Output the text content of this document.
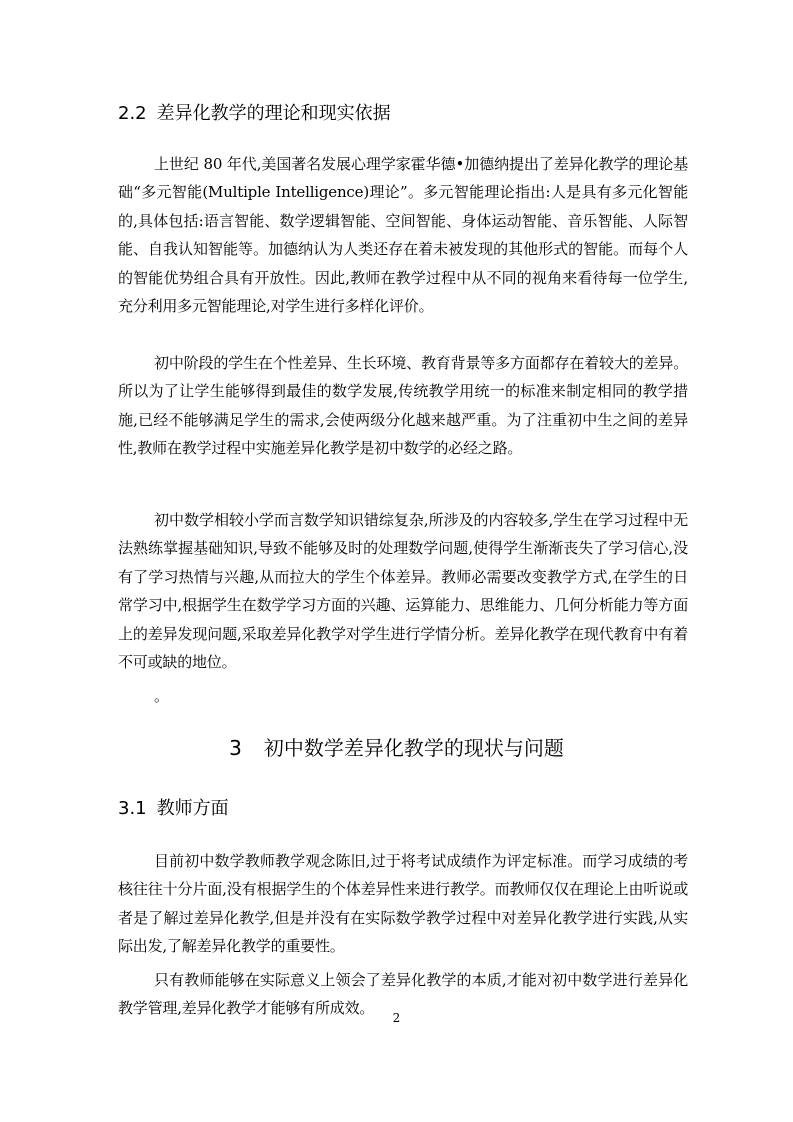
2.2 差异化教学的理论和现实依据

上世纪 80 年代,美国著名发展心理学家霍华德•加德纳提出了差异化教学的理论基础“多元智能(Multiple Intelligence)理论”。多元智能理论指出:人是具有多元化智能的,具体包括:语言智能、数学逻辑智能、空间智能、身体运动智能、音乐智能、人际智能、自我认知智能等。加德纳认为人类还存在着未被发现的其他形式的智能。而每个人的智能优势组合具有开放性。因此,教师在教学过程中从不同的视角来看待每一位学生,充分利用多元智能理论,对学生进行多样化评价。

初中阶段的学生在个性差异、生长环境、教育背景等多方面都存在着较大的差异。所以为了让学生能够得到最佳的数学发展,传统教学用统一的标准来制定相同的教学措施,已经不能够满足学生的需求,会使两级分化越来越严重。为了注重初中生之间的差异性,教师在教学过程中实施差异化教学是初中数学的必经之路。

初中数学相较小学而言数学知识错综复杂,所涉及的内容较多,学生在学习过程中无法熟练掌握基础知识,导致不能够及时的处理数学问题,使得学生渐渐丧失了学习信心,没有了学习热情与兴趣,从而拉大的学生个体差异。教师必需要改变教学方式,在学生的日常学习中,根据学生在数学学习方面的兴趣、运算能力、思维能力、几何分析能力等方面上的差异发现问题,采取差异化教学对学生进行学情分析。差异化教学在现代教育中有着不可或缺的地位。

。

3 初中数学差异化教学的现状与问题
3.1 教师方面

目前初中数学教师教学观念陈旧,过于将考试成绩作为评定标准。而学习成绩的考核往往十分片面,没有根据学生的个体差异性来进行教学。而教师仅仅在理论上由听说或者是了解过差异化教学,但是并没有在实际数学教学过程中对差异化教学进行实践,从实际出发,了解差异化教学的重要性。

只有教师能够在实际意义上领会了差异化教学的本质,才能对初中数学进行差异化教学管理,差异化教学才能够有所成效。

2
